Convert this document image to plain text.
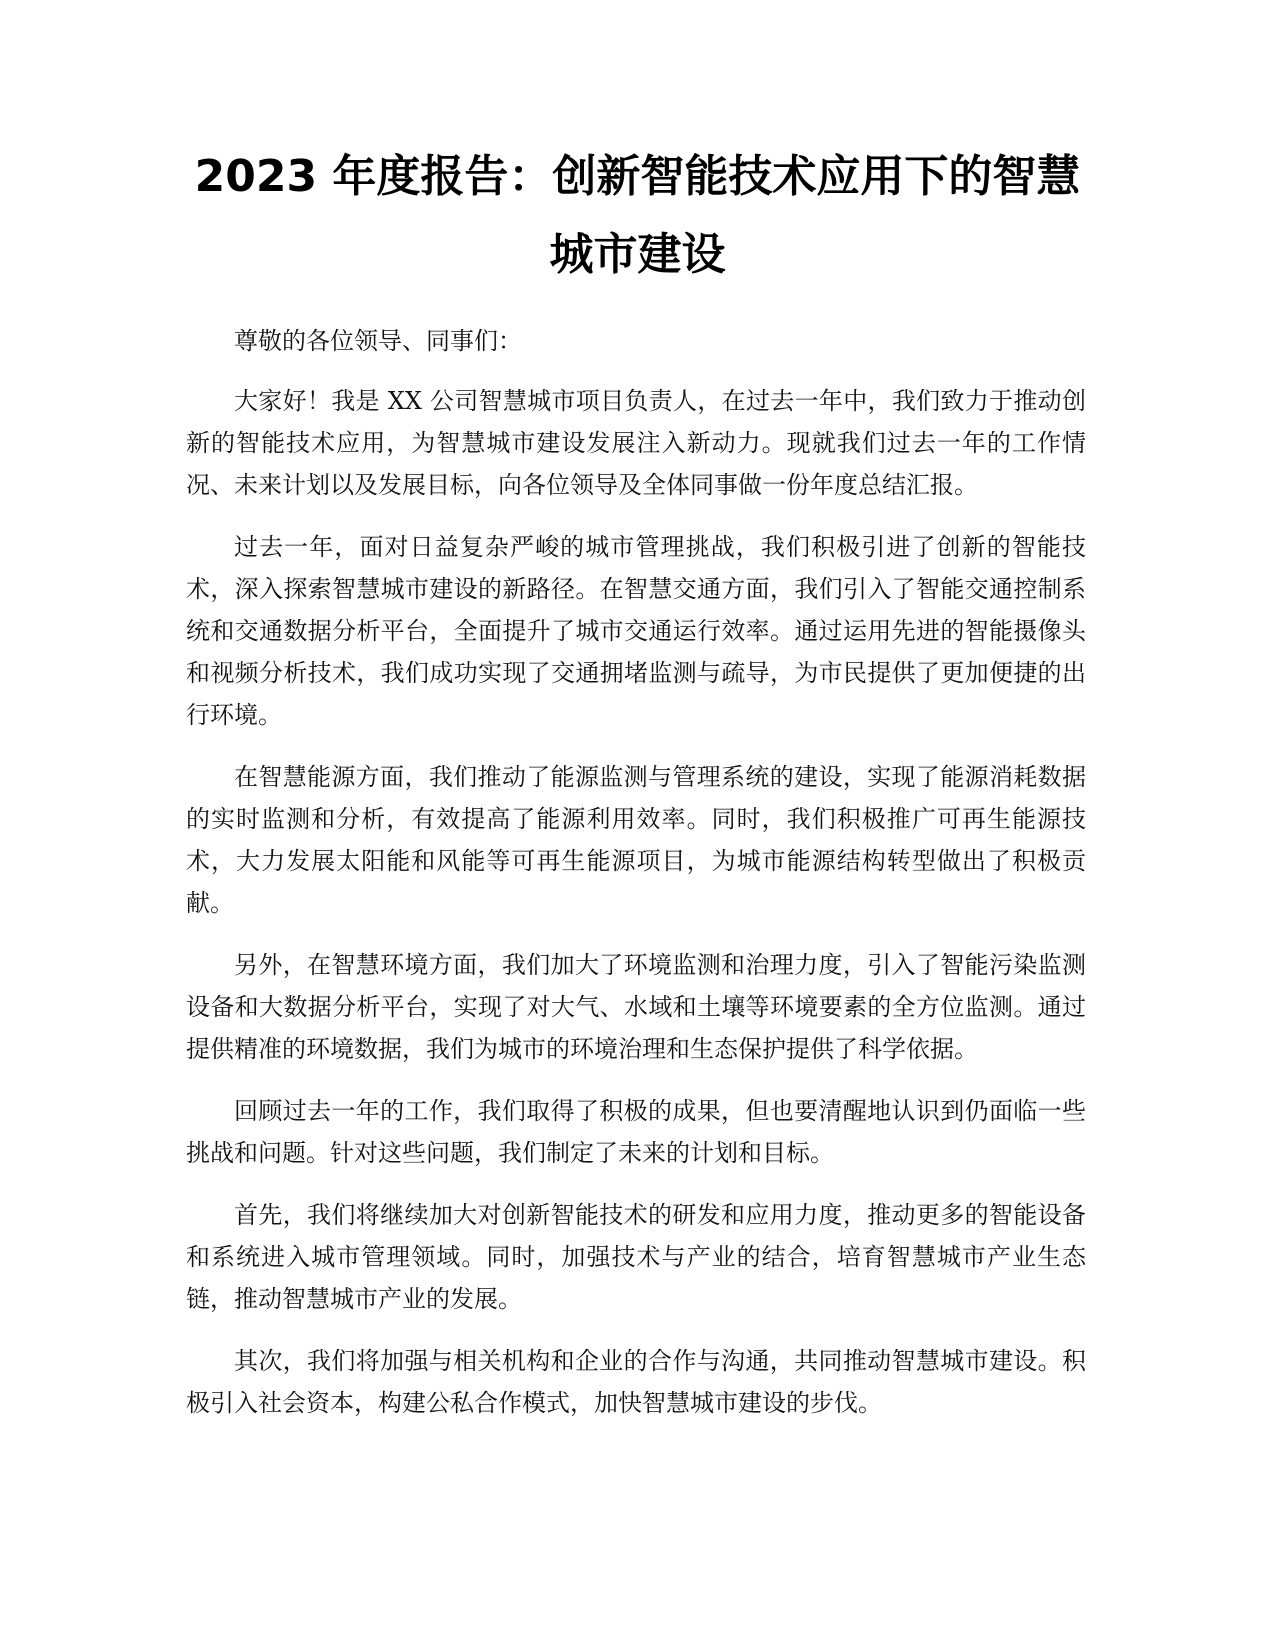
2023 年度报告：创新智能技术应用下的智慧
城市建设

尊敬的各位领导、同事们：

大家好！我是 XX 公司智慧城市项目负责人，在过去一年中，我们致力于推动创新的智能技术应用，为智慧城市建设发展注入新动力。现就我们过去一年的工作情况、未来计划以及发展目标，向各位领导及全体同事做一份年度总结汇报。

过去一年，面对日益复杂严峻的城市管理挑战，我们积极引进了创新的智能技术，深入探索智慧城市建设的新路径。在智慧交通方面，我们引入了智能交通控制系统和交通数据分析平台，全面提升了城市交通运行效率。通过运用先进的智能摄像头和视频分析技术，我们成功实现了交通拥堵监测与疏导，为市民提供了更加便捷的出行环境。

在智慧能源方面，我们推动了能源监测与管理系统的建设，实现了能源消耗数据的实时监测和分析，有效提高了能源利用效率。同时，我们积极推广可再生能源技术，大力发展太阳能和风能等可再生能源项目，为城市能源结构转型做出了积极贡献。

另外，在智慧环境方面，我们加大了环境监测和治理力度，引入了智能污染监测设备和大数据分析平台，实现了对大气、水域和土壤等环境要素的全方位监测。通过提供精准的环境数据，我们为城市的环境治理和生态保护提供了科学依据。

回顾过去一年的工作，我们取得了积极的成果，但也要清醒地认识到仍面临一些挑战和问题。针对这些问题，我们制定了未来的计划和目标。

首先，我们将继续加大对创新智能技术的研发和应用力度，推动更多的智能设备和系统进入城市管理领域。同时，加强技术与产业的结合，培育智慧城市产业生态链，推动智慧城市产业的发展。

其次，我们将加强与相关机构和企业的合作与沟通，共同推动智慧城市建设。积极引入社会资本，构建公私合作模式，加快智慧城市建设的步伐。
